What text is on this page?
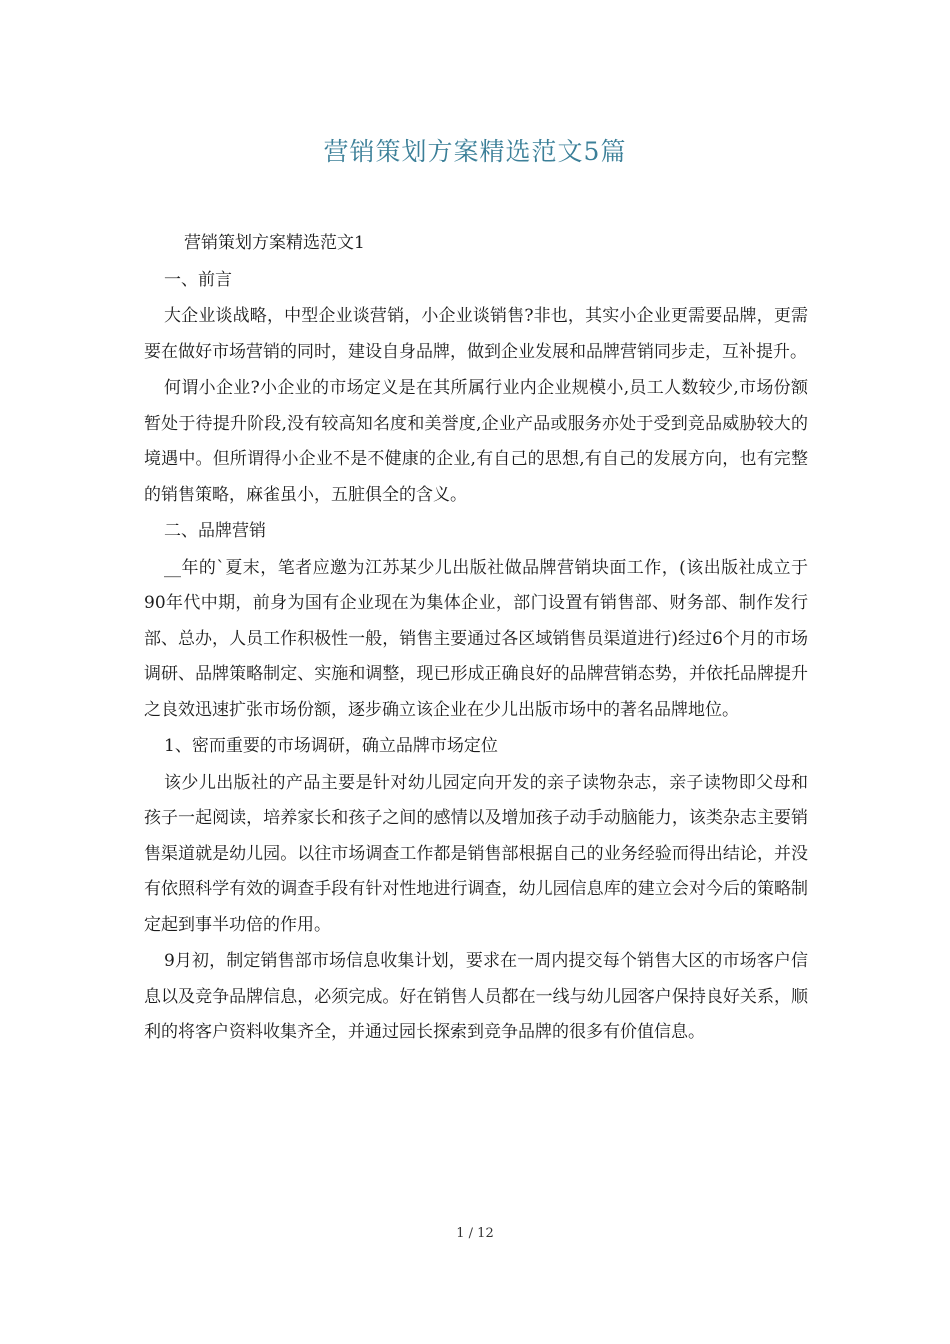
营销策划方案精选范文5篇

营销策划方案精选范文1

一、前言

大企业谈战略，中型企业谈营销，小企业谈销售?非也，其实小企业更需要品牌，更需要在做好市场营销的同时，建设自身品牌，做到企业发展和品牌营销同步走，互补提升。

何谓小企业?小企业的市场定义是在其所属行业内企业规模小,员工人数较少,市场份额暂处于待提升阶段,没有较高知名度和美誉度,企业产品或服务亦处于受到竞品威胁较大的境遇中。但所谓得小企业不是不健康的企业,有自己的思想,有自己的发展方向，也有完整的销售策略，麻雀虽小，五脏俱全的含义。

二、品牌营销

__年的`夏末，笔者应邀为江苏某少儿出版社做品牌营销块面工作，(该出版社成立于90年代中期，前身为国有企业现在为集体企业，部门设置有销售部、财务部、制作发行部、总办，人员工作积极性一般，销售主要通过各区域销售员渠道进行)经过6个月的市场调研、品牌策略制定、实施和调整，现已形成正确良好的品牌营销态势，并依托品牌提升之良效迅速扩张市场份额，逐步确立该企业在少儿出版市场中的著名品牌地位。

1、密而重要的市场调研，确立品牌市场定位

该少儿出版社的产品主要是针对幼儿园定向开发的亲子读物杂志，亲子读物即父母和孩子一起阅读，培养家长和孩子之间的感情以及增加孩子动手动脑能力，该类杂志主要销售渠道就是幼儿园。以往市场调查工作都是销售部根据自己的业务经验而得出结论，并没有依照科学有效的调查手段有针对性地进行调查，幼儿园信息库的建立会对今后的策略制定起到事半功倍的作用。

9月初，制定销售部市场信息收集计划，要求在一周内提交每个销售大区的市场客户信息以及竞争品牌信息，必须完成。好在销售人员都在一线与幼儿园客户保持良好关系，顺利的将客户资料收集齐全，并通过园长探索到竞争品牌的很多有价值信息。

1 / 12
